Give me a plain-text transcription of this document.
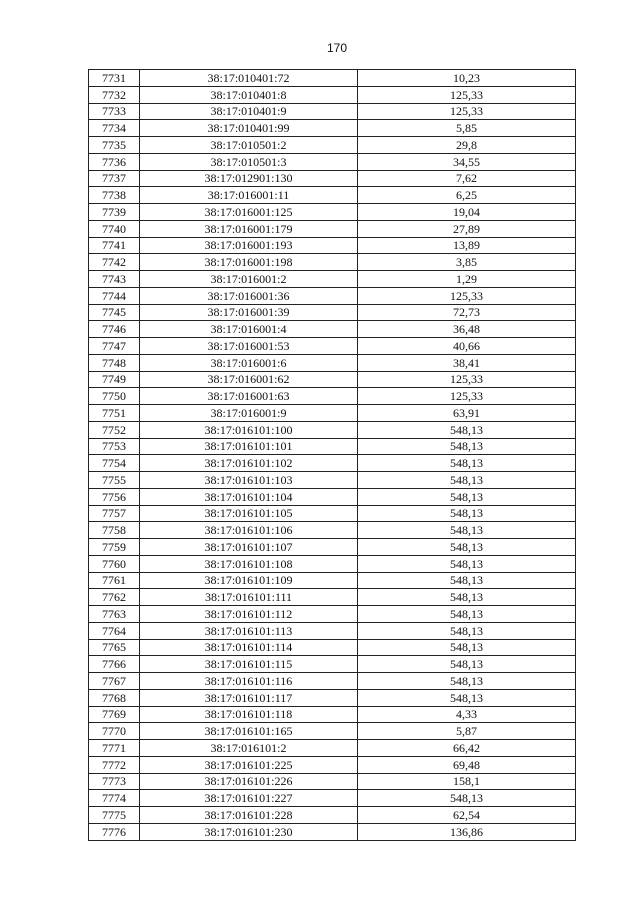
170
7731	38:17:010401:72	10,23
7732	38:17:010401:8	125,33
7733	38:17:010401:9	125,33
7734	38:17:010401:99	5,85
7735	38:17:010501:2	29,8
7736	38:17:010501:3	34,55
7737	38:17:012901:130	7,62
7738	38:17:016001:11	6,25
7739	38:17:016001:125	19,04
7740	38:17:016001:179	27,89
7741	38:17:016001:193	13,89
7742	38:17:016001:198	3,85
7743	38:17:016001:2	1,29
7744	38:17:016001:36	125,33
7745	38:17:016001:39	72,73
7746	38:17:016001:4	36,48
7747	38:17:016001:53	40,66
7748	38:17:016001:6	38,41
7749	38:17:016001:62	125,33
7750	38:17:016001:63	125,33
7751	38:17:016001:9	63,91
7752	38:17:016101:100	548,13
7753	38:17:016101:101	548,13
7754	38:17:016101:102	548,13
7755	38:17:016101:103	548,13
7756	38:17:016101:104	548,13
7757	38:17:016101:105	548,13
7758	38:17:016101:106	548,13
7759	38:17:016101:107	548,13
7760	38:17:016101:108	548,13
7761	38:17:016101:109	548,13
7762	38:17:016101:111	548,13
7763	38:17:016101:112	548,13
7764	38:17:016101:113	548,13
7765	38:17:016101:114	548,13
7766	38:17:016101:115	548,13
7767	38:17:016101:116	548,13
7768	38:17:016101:117	548,13
7769	38:17:016101:118	4,33
7770	38:17:016101:165	5,87
7771	38:17:016101:2	66,42
7772	38:17:016101:225	69,48
7773	38:17:016101:226	158,1
7774	38:17:016101:227	548,13
7775	38:17:016101:228	62,54
7776	38:17:016101:230	136,86
